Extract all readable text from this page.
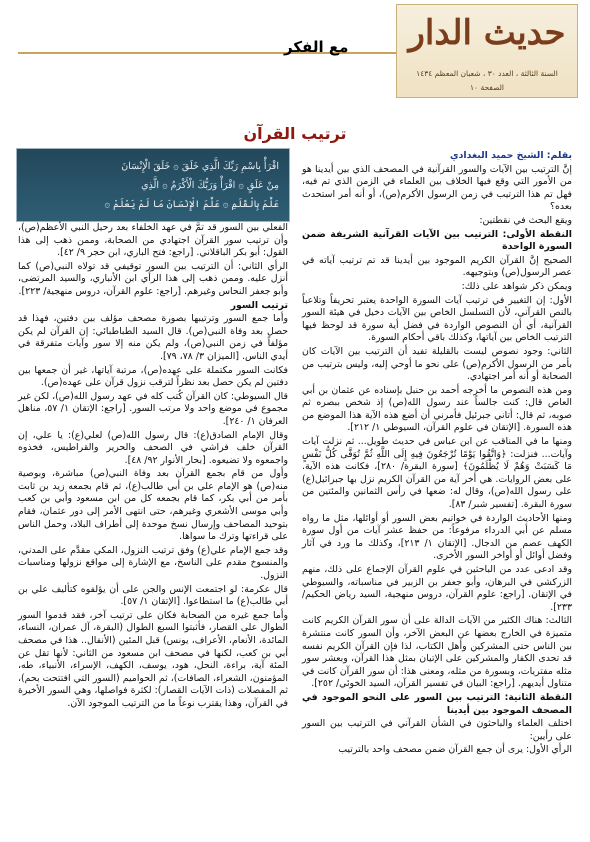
مع الفكر	حديث الدار
السنة الثالثة ، العدد ٣٠ ، شعبان المعظم ١٤٣٤
الصفحة ١٠
ترتيب القرآن
اقْرَأْ بِاسْمِ رَبِّكَ الَّذِي خَلَقَ ۞ خَلَقَ الْإِنْسَانَ
مِنْ عَلَقٍ ۞ اقْرَأْ وَرَبُّكَ الْأَكْرَمُ ۞ الَّذِي
عَلَّمَ بِالْقَلَمِ ۞ عَلَّمَ الْإِنْسَانَ مَا لَمْ يَعْلَمْ ۞

بقلم: الشيخ حميد البغدادي

إنَّ الترتيب بين الآيات والسور القرآنية في المصحف الذي بين أيدينا هو من الأمور التي وقع فيها الخلاف بين العلماء في الزمن الذي تم فيه، فهل تم هذا الترتيب في زمن الرسول الأكرم(ص)، أو أنه أمر استحدث بعده؟

ويقع البحث في نقطتين:

النقطة الأولى: الترتيب بين الآيات القرآنية الشريفة ضمن السورة الواحدة

الصحيح إنَّ القرآن الكريم الموجود بين أيدينا قد تم ترتيب آياته في عصر الرسول(ص) وبتوجيهه.

ويمكن ذكر شواهد على ذلك:

الأول: إن التغيير في ترتيب آيات السورة الواحدة يعتبر تحريفاً وتلاعباً بالنص القرآني، لأن التسلسل الخاص بين الآيات دخيل في هيئة السور القرآنية، أي أن النصوص الواردة في فضل أية سورة قد لوحظ فيها الترتيب الخاص بين آياتها، وكذلك باقي أحكام السورة.

الثاني: وجود نصوص ليست بالقليلة تفيد أن الترتيب بين الآيات كان بأمر من الرسول الأكرم(ص) على نحو ما أوحي إليه، وليس بترتيب من الصحابة أو أنه أمر اجتهادي.

ومن هذه النصوص ما أخرجه أحمد بن حنبل بإسناده عن عثمان بن أبي العاص قال: كنت جالساً عند رسول الله(ص) إذ شخص ببصره ثم صوبه، ثم قال: أتاني جبرئيل فأمرني أن أضع هذه الآية هذا الموضع من هذه السورة. [الإتقان في علوم القرآن، السيوطي ١/ ٢١٢].

ومنها ما في المناقب عن ابن عباس في حديث طويل... ثم نزلت آيات وآيات... فنزلت: ﴿وَاتَّقُوا يَوْمًا تُرْجَعُونَ فِيهِ إِلَى اللَّهِ ثُمَّ تُوَفَّى كُلُّ نَفْسٍ مَا كَسَبَتْ وَهُمْ لَا يُظْلَمُونَ﴾ [سورة البقرة/ ٢٨٠]، فكانت هذه الآية. على بعض الروايات. هي أخر آية من القرآن الكريم نزل بها جبرائيل(ع) على رسول الله(ص)، وقال له: ضعها في رأس الثمانين والمئتين من سورة البقرة. [تفسير شبر/ ٨٣].

ومنها الأحاديث الواردة في خواتيم بعض السور أو أوائلها، مثل ما رواه مسلم عن أبي الدرداء مرفوعاً: من حفظ عشر آيات من أول سورة الكهف عصم من الدجال. [الإتقان ١/ ٢١٣]، وكذلك ما ورد في آثار وفضل أوائل أو أواخر السور الأخرى.

وقد ادعى عدد من الباحثين في علوم القرآن الإجماع على ذلك، منهم الزركشي في البرهان، وأبو جعفر بن الزبير في مناسباته، والسيوطي في الإتقان. [راجع: علوم القرآن، دروس منهجية، السيد رياض الحكيم/ ٢٣٣].

الثالث: هناك الكثير من الآيات الدالة على أن سور القرآن الكريم كانت متميزة في الخارج بعضها عن البعض الآخر، وأن السور كانت منتشرة بين الناس حتى المشركين وأهل الكتاب، لذا فإن القرآن الكريم نفسه قد تحدى الكفار والمشركين على الإتيان بمثل هذا القرآن، وبعشر سور مثله مفتريات، وبسورة من مثله، ومعنى هذا: أن سور القرآن كانت في متناول أيديهم. [راجع: البيان في تفسير القرآن، السيد الخوئي/ ٢٥٢].

النقطة الثانية: الترتيب بين السور على النحو الموجود في المصحف الموجود بين أيدينا

اختلف العلماء والباحثون في الشأن القرآني في الترتيب بين السور على رأيين:

الرأي الأول: يرى أن جمع القرآن ضمن مصحف واحد بالترتيب

الفعلي بين السور قد تمَّ في عهد الخلفاء بعد رحيل النبي الأعظم(ص)، وأن ترتيب سور القرآن اجتهادي من الصحابة، وممن ذهب إلى هذا القول: أبو بكر الباقلاني. [راجع: فتح الباري، ابن حجر ٩/ ٤٢].

الرأي الثاني: أن الترتيب بين السور توقيفي قد تولاه النبي(ص) كما أنزل عليه. وممن ذهب إلى هذا الرأي ابن الأنباري، والسيد المرتضى، وأبو جعفر النحاس وغيرهم. [راجع: علوم القرآن، دروس منهجية/ ٢٢٣].

ترتيب السور

وأما جمع السور وترتيبها بصورة مصحف مؤلف بين دفتين، فهذا قد حصل بعد وفاة النبي(ص). قال السيد الطباطبائي: إن القرآن لم يكن مؤلفاً في زمن النبي(ص)، ولم يكن منه إلا سور وآيات متفرقة في أيدي الناس. [الميزان ٣/ ٧٨، ٧٩].

فكانت السور مكتملة على عهده(ص)، مرتبة آياتها، غير أن جمعها بين دفتين لم يكن حصل بعد نظراً لترقب نزول قرآن على عهده(ص).

قال السيوطي: كان القرآن كُتب كله في عهد رسول الله(ص)، لكن غير مجموع في موضع واحد ولا مرتب السور. [راجع: الإتقان ١/ ٥٧، مناهل العرفان ١/ ٢٤٠].

وقال الإمام الصادق(ع): قال رسول الله(ص) لعلي(ع): يا علي، إن القرآن خلف فراشي في الصحف والحرير والقراطيس، فخذوه واجمعوه ولا تضيعوه. [بحار الأنوار ٩٢/ ٤٨].

وأول من قام بجمع القرآن بعد وفاة النبي(ص) مباشرة، وبوصية منه(ص) هو الإمام علي بن أبي طالب(ع)، ثم قام بجمعه زيد بن ثابت بأمر من أبي بكر، كما قام بجمعه كل من ابن مسعود وأبي بن كعب وأبي موسى الأشعري وغيرهم، حتى انتهى الأمر إلى دور عثمان، فقام بتوحيد المصاحف وإرسال نسخ موحدة إلى أطراف البلاد، وحمل الناس على قراءتها وترك ما سواها.

وقد جمع الإمام علي(ع) وفق ترتيب النزول، المكي مقدَّم على المدني، والمنسوخ مقدم على الناسخ، مع الإشارة إلى مواقع نزولها ومناسبات النزول.

قال عكرمة: لو اجتمعت الإنس والجن على أن يؤلفوه كتأليف علي بن أبي طالب(ع) ما استطاعوا. [الإتقان ١/ ٥٧].

وأما جمع غيره من الصحابة فكان على ترتيب آخر، فقد قدموا السور الطوال على القصار، فأثبتوا السبع الطوال (البقرة، آل عمران، النساء، المائدة، الأنعام، الأعراف، يونس) قبل المئين (الأنفال.. هذا في مصحف أبي بن كعب، لكنها في مصحف ابن مسعود من الثاني: لأنها تقل عن المئة آية، براءة، النحل، هود، يوسف، الكهف، الإسراء، الأنبياء، طه، المؤمنون، الشعراء، الصافات)، ثم الحواميم (السور التي افتتحت بحم)، ثم المفصلات (ذات الآيات القصار): لكثرة فواصلها، وهي السور الأخيرة في القرآن، وهذا يقترب نوعاً ما من الترتيب الموجود الآن.
